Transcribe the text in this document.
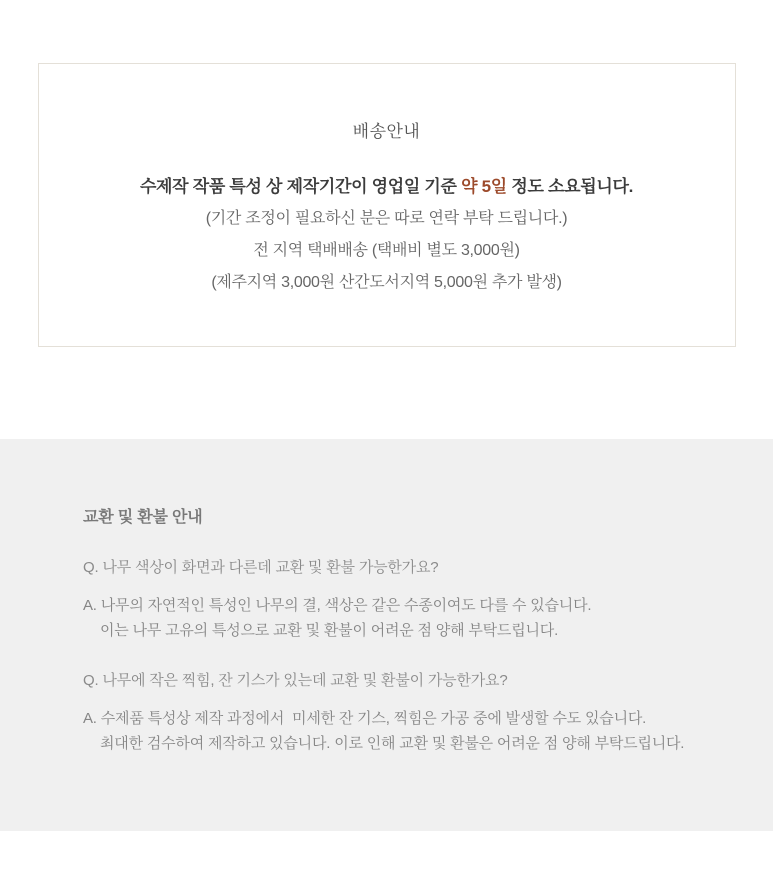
배송안내

수제작 작품 특성 상 제작기간이 영업일 기준 약 5일 정도 소요됩니다.

(기간 조정이 필요하신 분은 따로 연락 부탁 드립니다.)

전 지역 택배배송 (택배비 별도 3,000원)

(제주지역 3,000원 산간도서지역 5,000원 추가 발생)

교환 및 환불 안내

Q. 나무 색상이 화면과 다른데 교환 및 환불 가능한가요?

A. 나무의 자연적인 특성인 나무의 결, 색상은 같은 수종이여도 다를 수 있습니다.
이는 나무 고유의 특성으로 교환 및 환불이 어려운 점 양해 부탁드립니다.

Q. 나무에 작은 찍힘, 잔 기스가 있는데 교환 및 환불이 가능한가요?

A. 수제품 특성상 제작 과정에서  미세한 잔 기스, 찍힘은 가공 중에 발생할 수도 있습니다.
최대한 검수하여 제작하고 있습니다. 이로 인해 교환 및 환불은 어려운 점 양해 부탁드립니다.
